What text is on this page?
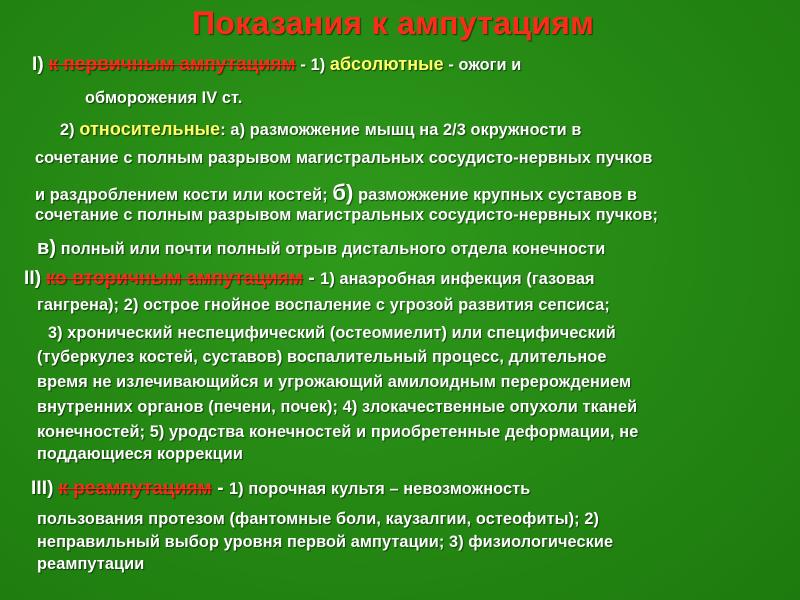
Показания к ампутациям
I) к первичным ампутациям - 1) абсолютные - ожоги и
обморожения IV ст.
2) относительные: а) разможжение мышц на 2/3 окружности в
сочетание с полным разрывом магистральных сосудисто-нервных пучков
и раздроблением кости или костей; б) разможжение крупных суставов в
сочетание с полным разрывом магистральных сосудисто-нервных пучков;
в) полный или почти полный отрыв дистального отдела конечности
II) ко вторичным ампутациям - 1) анаэробная инфекция (газовая
гангрена); 2) острое гнойное воспаление с угрозой развития сепсиса;
3) хронический неспецифический (остеомиелит) или специфический
(туберкулез костей, суставов) воспалительный процесс, длительное
время не излечивающийся и угрожающий амилоидным перерождением
внутренних органов (печени, почек); 4) злокачественные опухоли тканей
конечностей; 5) уродства конечностей и приобретенные деформации, не
поддающиеся коррекции
III) к реампутациям - 1) порочная культя – невозможность
пользования протезом (фантомные боли, каузалгии, остеофиты); 2)
неправильный выбор уровня первой ампутации; 3) физиологические
реампутации
